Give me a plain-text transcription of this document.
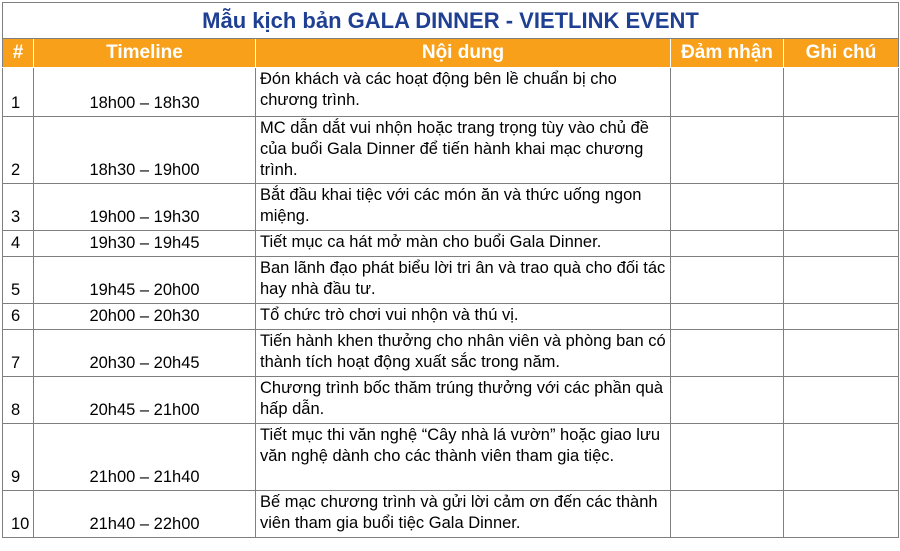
Mẫu kịch bản GALA DINNER - VIETLINK EVENT				
#	Timeline	Nội dung	Đảm nhận	Ghi chú
1	18h00 – 18h30	Đón khách và các hoạt động bên lề chuẩn bị cho chương trình.		
2	18h30 – 19h00	MC dẫn dắt vui nhộn hoặc trang trọng tùy vào chủ đề của buổi Gala Dinner để tiến hành khai mạc chương trình.		
3	19h00 – 19h30	Bắt đầu khai tiệc với các món ăn và thức uống ngon miệng.		
4	19h30 – 19h45	Tiết mục ca hát mở màn cho buổi Gala Dinner.		
5	19h45 – 20h00	Ban lãnh đạo phát biểu lời tri ân và trao quà cho đối tác hay nhà đầu tư.		
6	20h00 – 20h30	Tổ chức trò chơi vui nhộn và thú vị.		
7	20h30 – 20h45	Tiến hành khen thưởng cho nhân viên và phòng ban có thành tích hoạt động xuất sắc trong năm.		
8	20h45 – 21h00	Chương trình bốc thăm trúng thưởng với các phần quà hấp dẫn.		
9	21h00 – 21h40	Tiết mục thi văn nghệ “Cây nhà lá vườn” hoặc giao lưu văn nghệ dành cho các thành viên tham gia tiệc.		
10	21h40 – 22h00	Bế mạc chương trình và gửi lời cảm ơn đến các thành viên tham gia buổi tiệc Gala Dinner.		
